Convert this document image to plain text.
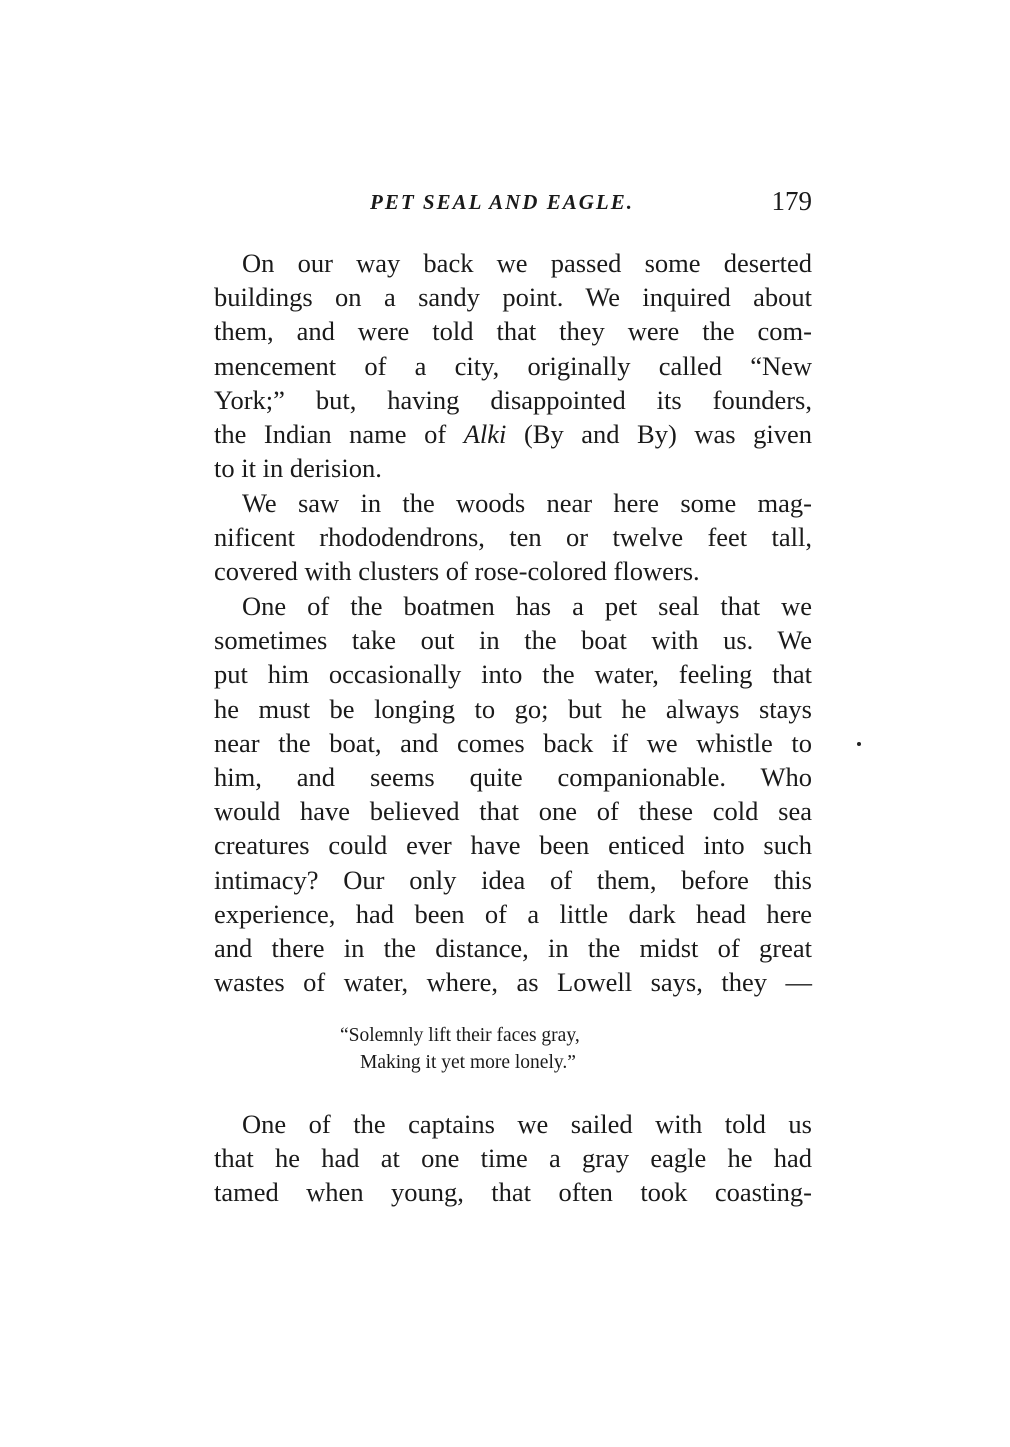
PET SEAL AND EAGLE.	179
On our way back we passed some deserted
buildings on a sandy point. We inquired about
them, and were told that they were the com-
mencement of a city, originally called “New
York;” but, having disappointed its founders,
the Indian name of Alki (By and By) was given
to it in derision.
We saw in the woods near here some mag-
nificent rhododendrons, ten or twelve feet tall,
covered with clusters of rose-colored flowers.
One of the boatmen has a pet seal that we
sometimes take out in the boat with us. We
put him occasionally into the water, feeling that
he must be longing to go; but he always stays
near the boat, and comes back if we whistle to
him, and seems quite companionable. Who
would have believed that one of these cold sea
creatures could ever have been enticed into such
intimacy? Our only idea of them, before this
experience, had been of a little dark head here
and there in the distance, in the midst of great
wastes of water, where, as Lowell says, they —
“Solemnly lift their faces gray,
Making it yet more lonely.”
One of the captains we sailed with told us
that he had at one time a gray eagle he had
tamed when young, that often took coasting-
